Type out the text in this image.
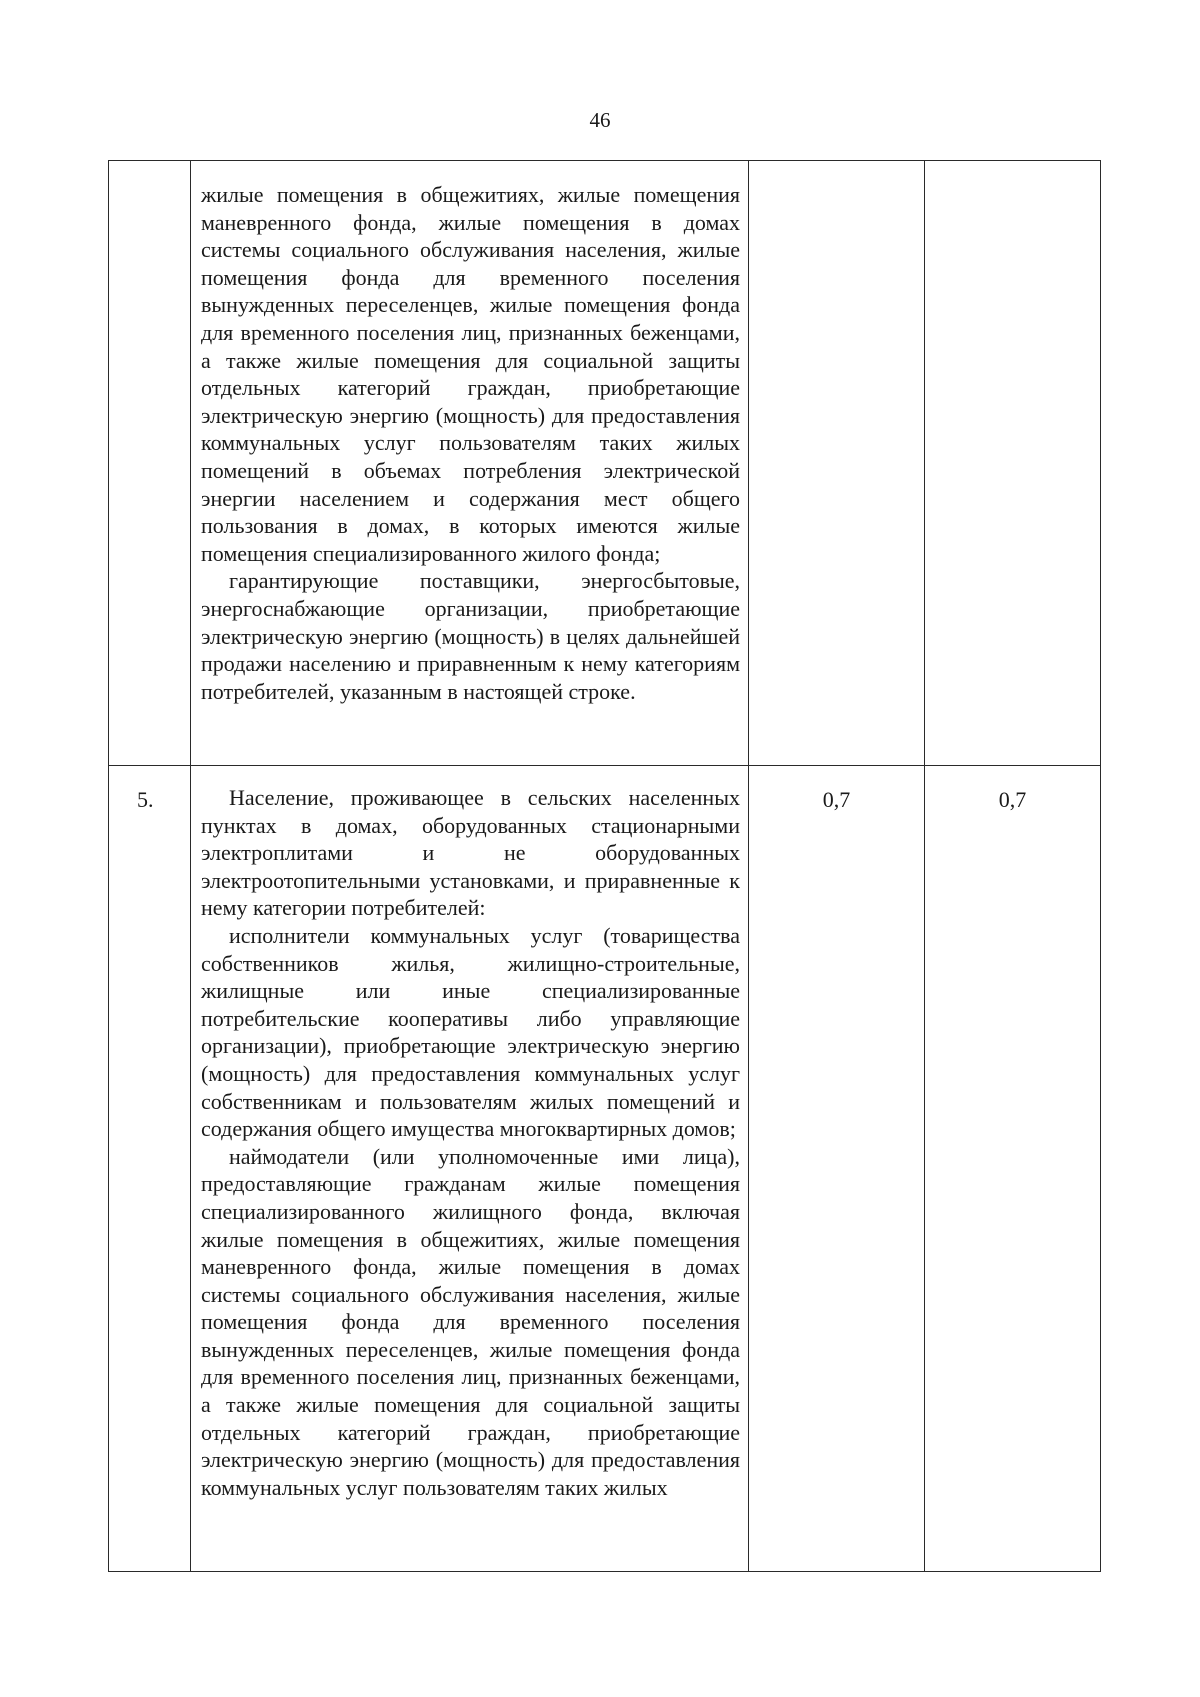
46

	жилые помещения в общежитиях, жилые помещения маневренного фонда, жилые помещения в домах системы социального обслуживания населения, жилые помещения фонда для временного поселения вынужденных переселенцев, жилые помещения фонда для временного поселения лиц, признанных беженцами, а также жилые помещения для социальной защиты отдельных категорий граждан, приобретающие электрическую энергию (мощность) для предоставления коммунальных услуг пользователям таких жилых помещений в объемах потребления электрической энергии населением и содержания мест общего пользования в домах, в которых имеются жилые помещения специализированного жилого фонда;

гарантирующие поставщики, энергосбытовые, энергоснабжающие организации, приобретающие электрическую энергию (мощность) в целях дальнейшей продажи населению и приравненным к нему категориям потребителей, указанным в настоящей строке.		

5.	Население, проживающее в сельских населенных пунктах в домах, оборудованных стационарными электроплитами и не оборудованных электроотопительными установками, и приравненные к нему категории потребителей:

исполнители коммунальных услуг (товарищества собственников жилья, жилищно-строительные, жилищные или иные специализированные потребительские кооперативы либо управляющие организации), приобретающие электрическую энергию (мощность) для предоставления коммунальных услуг собственникам и пользователям жилых помещений и содержания общего имущества многоквартирных домов;

наймодатели (или уполномоченные ими лица), предоставляющие гражданам жилые помещения специализированного жилищного фонда, включая жилые помещения в общежитиях, жилые помещения маневренного фонда, жилые помещения в домах системы социального обслуживания населения, жилые помещения фонда для временного поселения вынужденных переселенцев, жилые помещения фонда для временного поселения лиц, признанных беженцами, а также жилые помещения для социальной защиты отдельных категорий граждан, приобретающие электрическую энергию (мощность) для предоставления коммунальных услуг пользователям таких жилых	0,7	0,7
